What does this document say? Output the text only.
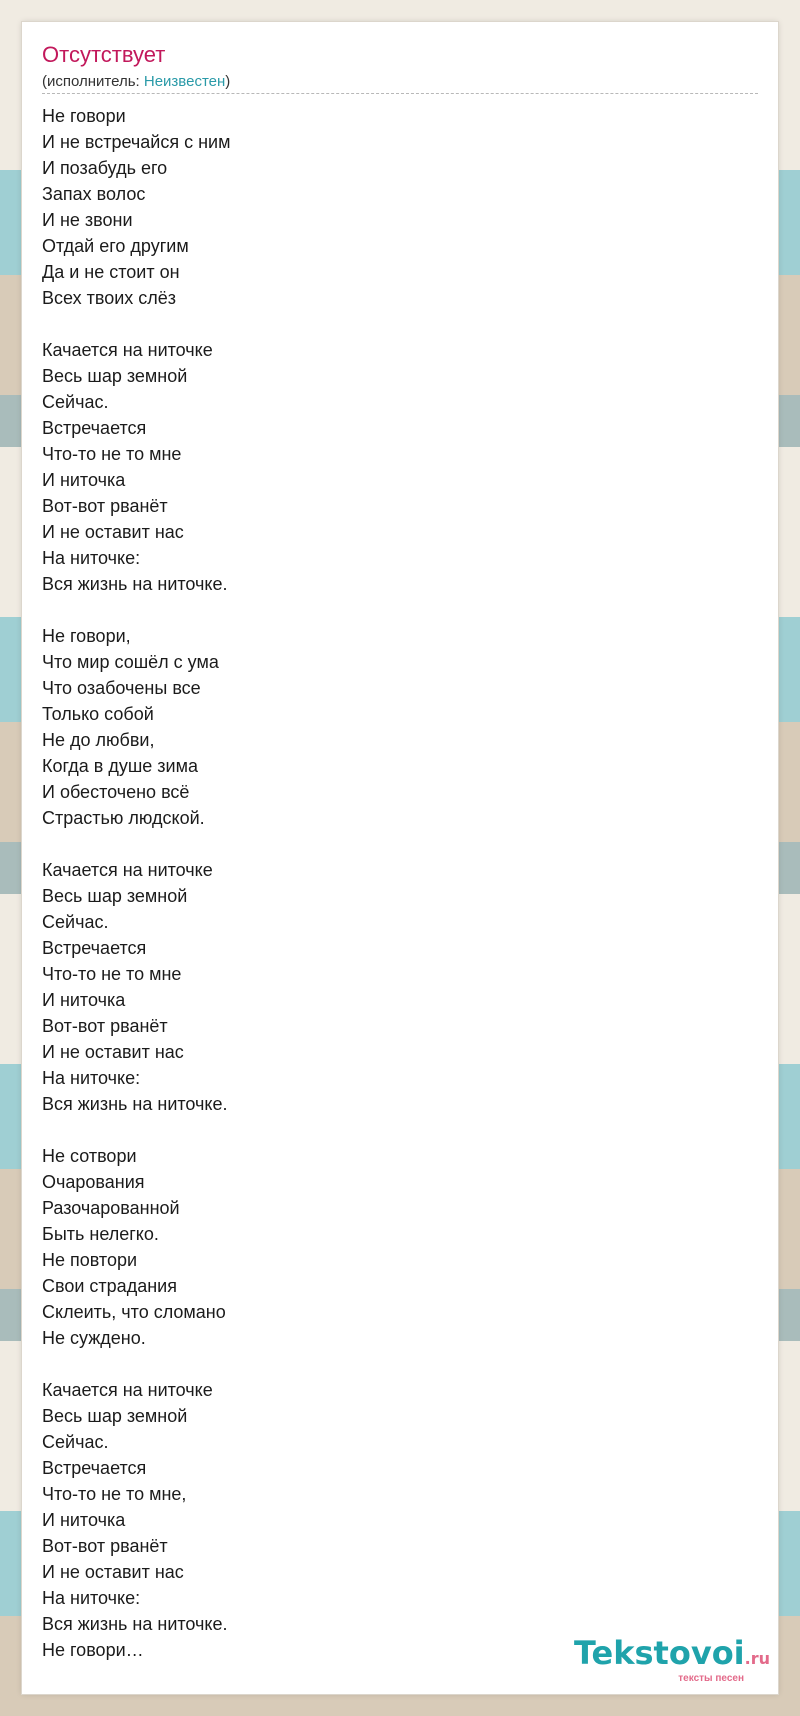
Отсутствует
(исполнитель: Неизвестен)
Не говори
И не встречайся с ним
И позабудь его
Запах волос
И не звони
Отдай его другим
Да и не стоит он
Всех твоих слёз
Качается на ниточке
Весь шар земной
Сейчас.
Встречается
Что-то не то мне
И ниточка
Вот-вот рванёт
И не оставит нас
На ниточке:
Вся жизнь на ниточке.
Не говори,
Что мир сошёл с ума
Что озабочены все
Только собой
Не до любви,
Когда в душе зима
И обесточено всё
Страстью людской.
Качается на ниточке
Весь шар земной
Сейчас.
Встречается
Что-то не то мне
И ниточка
Вот-вот рванёт
И не оставит нас
На ниточке:
Вся жизнь на ниточке.
Не сотвори
Очарования
Разочарованной
Быть нелегко.
Не повтори
Свои страдания
Склеить, что сломано
Не суждено.
Качается на ниточке
Весь шар земной
Сейчас.
Встречается
Что-то не то мне,
И ниточка
Вот-вот рванёт
И не оставит нас
На ниточке:
Вся жизнь на ниточке.
Не говори…	Tekstovoi.ru
тексты песен
